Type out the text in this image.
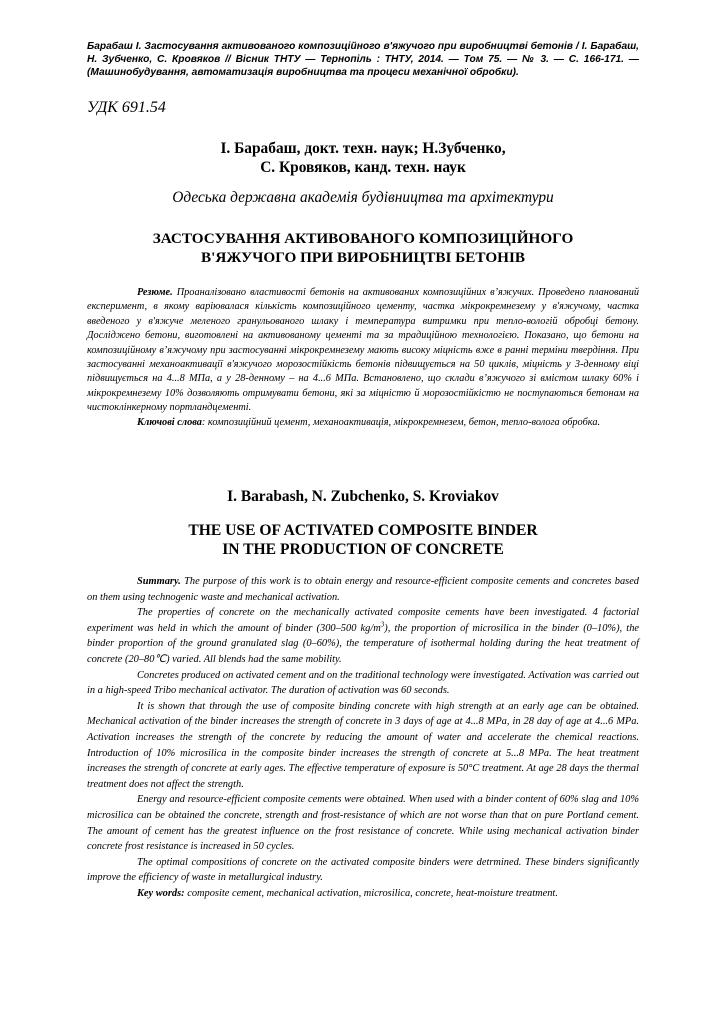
Барабаш І. Застосування активованого композиційного в'яжучого при виробництві бетонів / І. Барабаш, Н. Зубченко, С. Кровяков // Вісник ТНТУ — Тернопіль : ТНТУ, 2014. — Том 75. — № 3. — С. 166-171. — (Машинобудування, автоматизація виробництва та процеси механічної обробки).
УДК 691.54
І. Барабаш, докт. техн. наук; Н.Зубченко,
С. Кровяков, канд. техн. наук
Одеська державна академія будівництва та архітектури
ЗАСТОСУВАННЯ АКТИВОВАНОГО КОМПОЗИЦІЙНОГО
В'ЯЖУЧОГО ПРИ ВИРОБНИЦТВІ БЕТОНІВ

Резюме. Проаналізовано властивості бетонів на активованих композиційних в’яжучих. Проведено планований експеримент, в якому варіювалася кількість композиційного цементу, частка мікрокремнезему у в'яжучому, частка введеного у в'яжуче меленого гранульованого шлаку і температура витримки при тепло-вологій обробці бетону. Досліджено бетони, виготовлені на активованому цементі та за традиційною технологією. Показано, що бетони на композиційному в’яжучому при застосуванні мікрокремнезему мають високу міцність вже в ранні терміни твердіння. При застосуванні механоактивації в'яжучого морозостійкість бетонів підвищується на 50 циклів, міцність у 3-денному віці підвищується на 4...8 МПа, а у 28-денному – на 4...6 МПа. Встановлено, що склади в’яжучого зі вмістом шлаку 60% і мікрокремнезему 10% дозволяють отримувати бетони, які за міцністю й морозостійкістю не поступаються бетонам на чистоклінкерному портландцементі.

Ключові слова: композиційний цемент, механоактивація, мікрокремнезем, бетон, тепло-волога обробка.

I. Barabash, N. Zubchenko, S. Kroviakov
THE USE OF ACTIVATED COMPOSITE BINDER
IN THE PRODUCTION OF CONCRETE

Summary. The purpose of this work is to obtain energy and resource-efficient composite cements and concretes based on them using technogenic waste and mechanical activation.

The properties of concrete on the mechanically activated composite cements have been investigated. 4 factorial experiment was held in which the amount of binder (300–500 $kg/m^3$), the proportion of microsilica in the binder (0–10%), the binder proportion of the ground granulated slag (0–60%), the temperature of isothermal holding during the heat treatment of concrete (20–80℃) varied. All blends had the same mobility.

Concretes produced on activated cement and on the traditional technology were investigated. Activation was carried out in a high-speed Tribo mechanical activator. The duration of activation was 60 seconds.

It is shown that through the use of composite binding concrete with high strength at an early age can be obtained. Mechanical activation of the binder increases the strength of concrete in 3 days of age at 4...8 MPa, in 28 day of age at 4...6 MPa. Activation increases the strength of the concrete by reducing the amount of water and accelerate the chemical reactions. Introduction of 10% microsilica in the composite binder increases the strength of concrete at 5...8 MPa. The heat treatment increases the strength of concrete at early ages. The effective temperature of exposure is 50°C treatment. At age 28 days the thermal treatment does not affect the strength.

Energy and resource-efficient composite cements were obtained. When used with a binder content of 60% slag and 10% microsilica can be obtained the concrete, strength and frost-resistance of which are not worse than that on pure Portland cement. The amount of cement has the greatest influence on the frost resistance of concrete. While using mechanical activation binder concrete frost resistance is increased in 50 cycles.

The optimal compositions of concrete on the activated composite binders were detrmined. These binders significantly improve the efficiency of waste in metallurgical industry.

Key words: composite cement, mechanical activation, microsilica, concrete, heat-moisture treatment.
